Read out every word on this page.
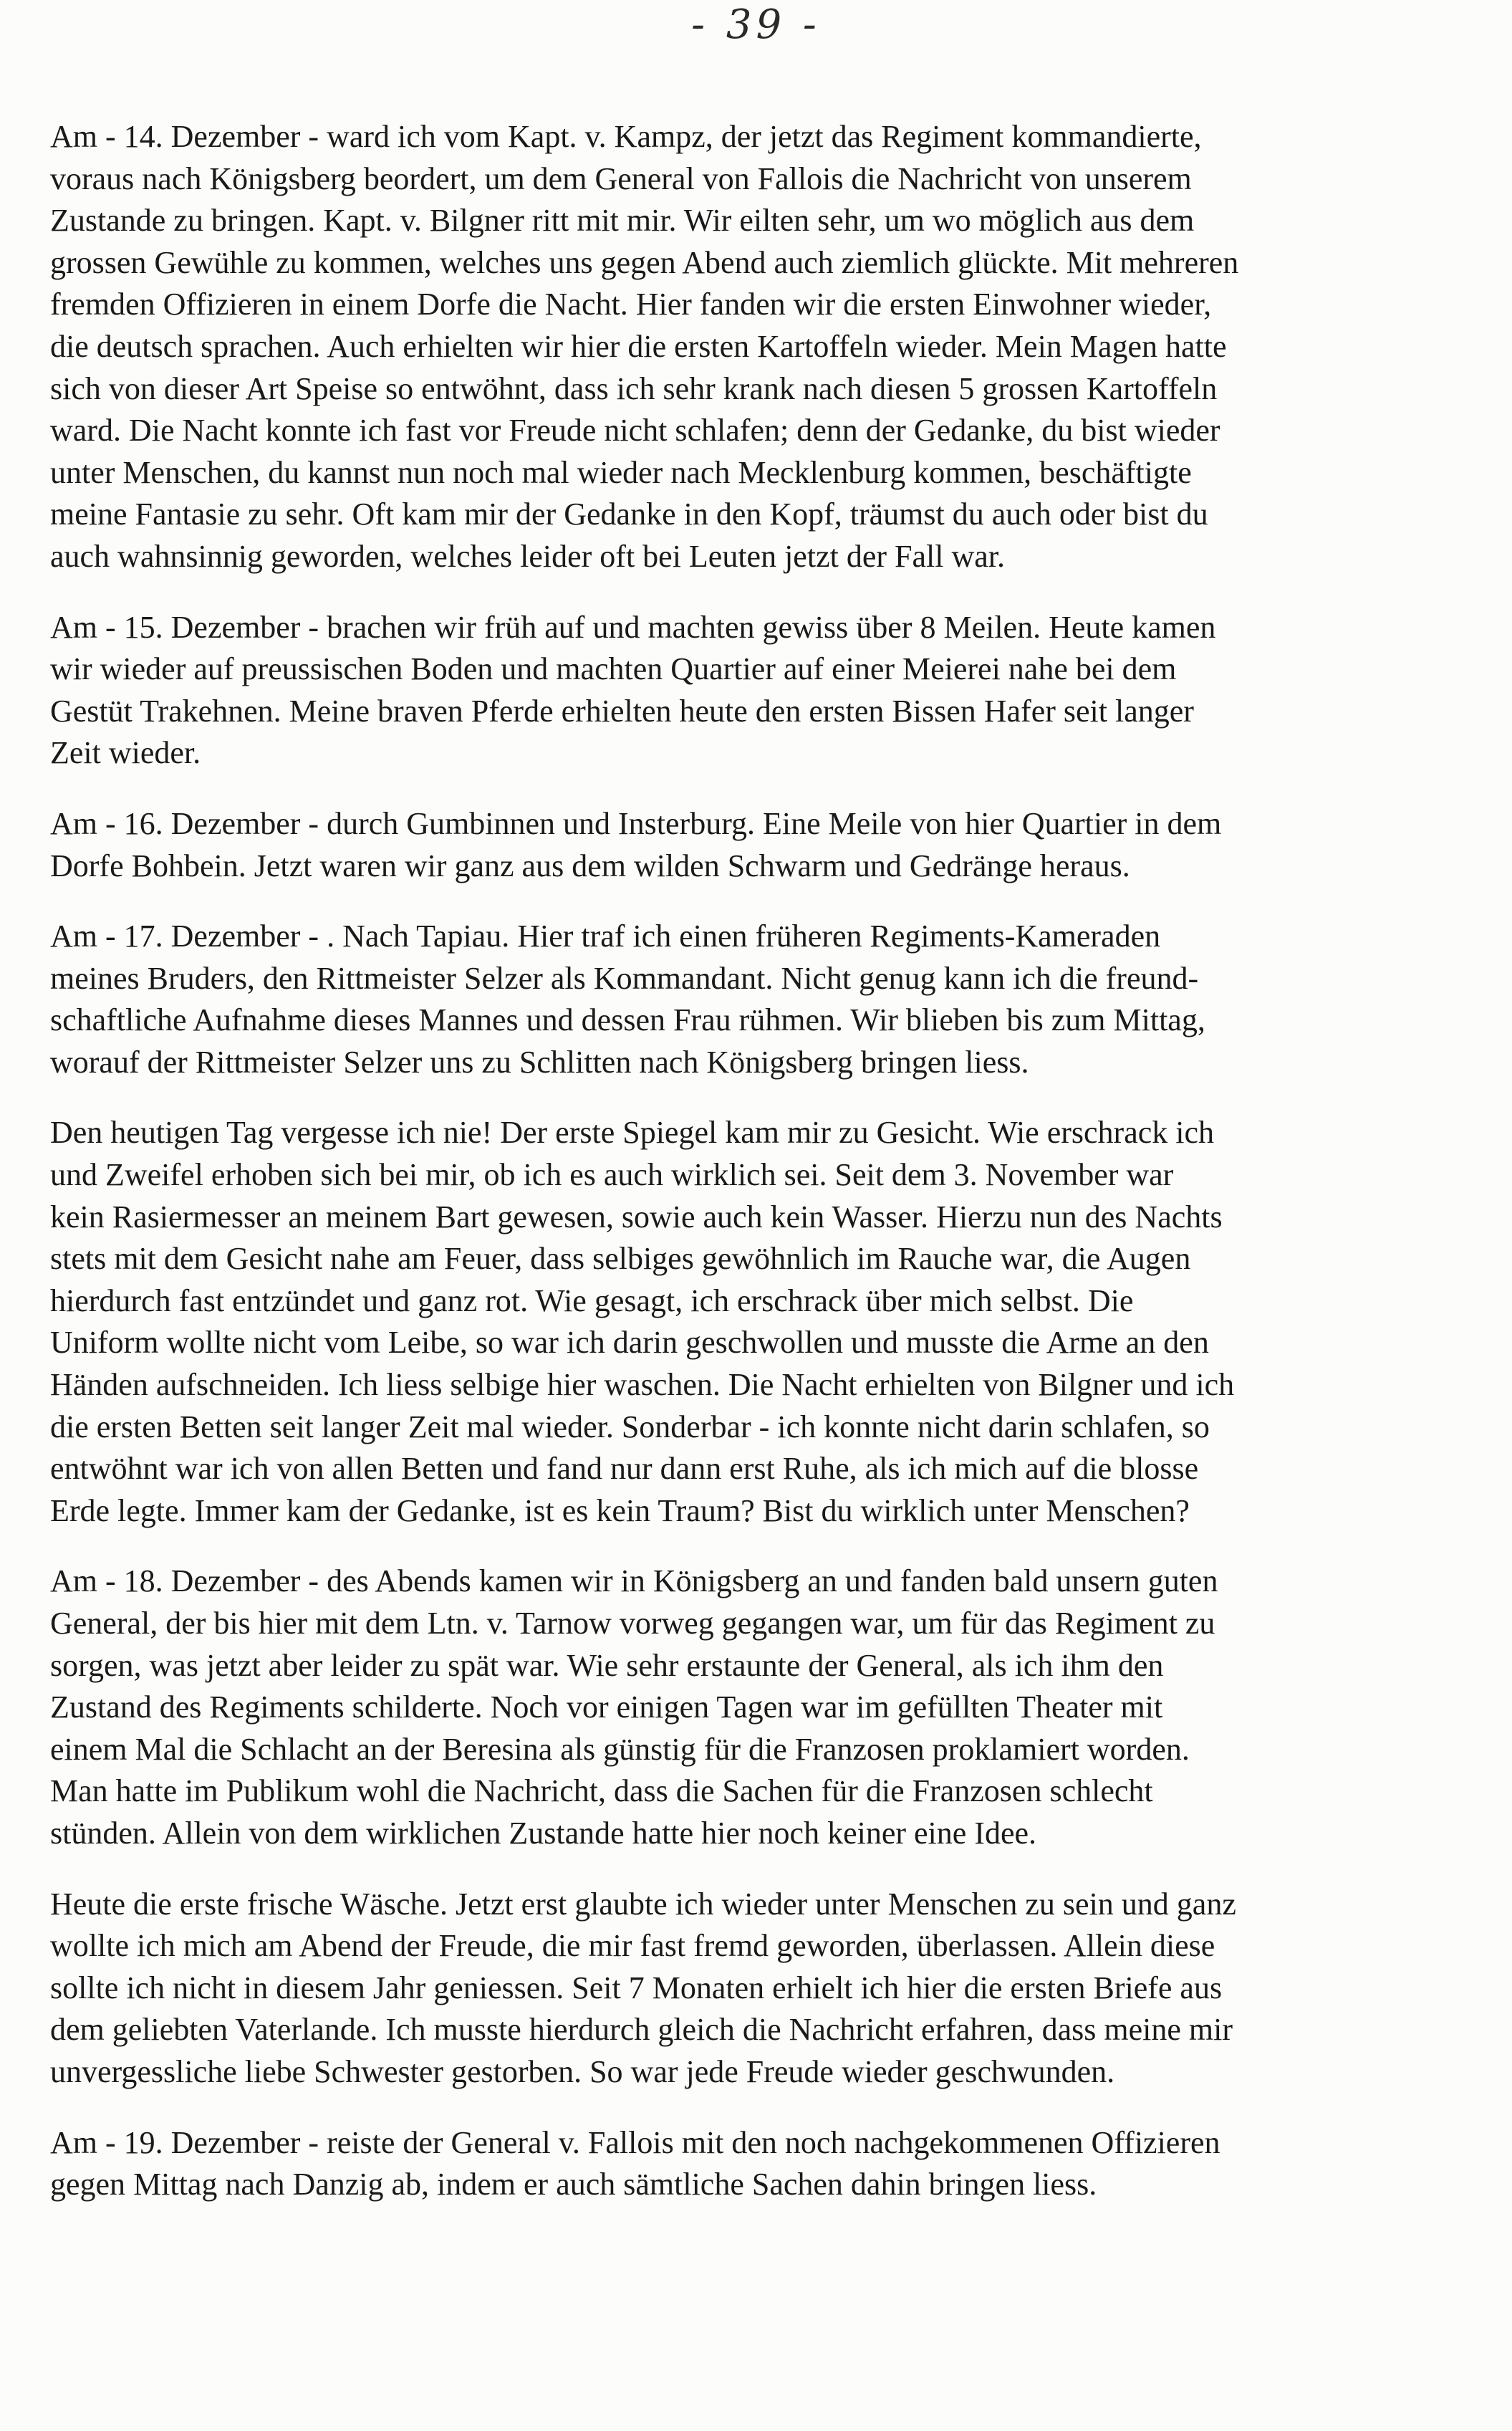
- 39 -

Am - 14. Dezember - ward ich vom Kapt. v. Kampz, der jetzt das Regiment kommandierte,
voraus nach Königsberg beordert, um dem General von Fallois die Nachricht von unserem
Zustande zu bringen. Kapt. v. Bilgner ritt mit mir. Wir eilten sehr, um wo möglich aus dem
grossen Gewühle zu kommen, welches uns gegen Abend auch ziemlich glückte. Mit mehreren
fremden Offizieren in einem Dorfe die Nacht. Hier fanden wir die ersten Einwohner wieder,
die deutsch sprachen. Auch erhielten wir hier die ersten Kartoffeln wieder. Mein Magen hatte
sich von dieser Art Speise so entwöhnt, dass ich sehr krank nach diesen 5 grossen Kartoffeln
ward. Die Nacht konnte ich fast vor Freude nicht schlafen; denn der Gedanke, du bist wieder
unter Menschen, du kannst nun noch mal wieder nach Mecklenburg kommen, beschäftigte
meine Fantasie zu sehr. Oft kam mir der Gedanke in den Kopf, träumst du auch oder bist du
auch wahnsinnig geworden, welches leider oft bei Leuten jetzt der Fall war.

Am - 15. Dezember - brachen wir früh auf und machten gewiss über 8 Meilen. Heute kamen
wir wieder auf preussischen Boden und machten Quartier auf einer Meierei nahe bei dem
Gestüt Trakehnen. Meine braven Pferde erhielten heute den ersten Bissen Hafer seit langer
Zeit wieder.

Am - 16. Dezember - durch Gumbinnen und Insterburg. Eine Meile von hier Quartier in dem
Dorfe Bohbein. Jetzt waren wir ganz aus dem wilden Schwarm und Gedränge heraus.

Am - 17. Dezember - . Nach Tapiau. Hier traf ich einen früheren Regiments-Kameraden
meines Bruders, den Rittmeister Selzer als Kommandant. Nicht genug kann ich die freund-
schaftliche Aufnahme dieses Mannes und dessen Frau rühmen. Wir blieben bis zum Mittag,
worauf der Rittmeister Selzer uns zu Schlitten nach Königsberg bringen liess.

Den heutigen Tag vergesse ich nie! Der erste Spiegel kam mir zu Gesicht. Wie erschrack ich
und Zweifel erhoben sich bei mir, ob ich es auch wirklich sei. Seit dem 3. November war
kein Rasiermesser an meinem Bart gewesen, sowie auch kein Wasser. Hierzu nun des Nachts
stets mit dem Gesicht nahe am Feuer, dass selbiges gewöhnlich im Rauche war, die Augen
hierdurch fast entzündet und ganz rot. Wie gesagt, ich erschrack über mich selbst. Die
Uniform wollte nicht vom Leibe, so war ich darin geschwollen und musste die Arme an den
Händen aufschneiden. Ich liess selbige hier waschen. Die Nacht erhielten von Bilgner und ich
die ersten Betten seit langer Zeit mal wieder. Sonderbar - ich konnte nicht darin schlafen, so
entwöhnt war ich von allen Betten und fand nur dann erst Ruhe, als ich mich auf die blosse
Erde legte. Immer kam der Gedanke, ist es kein Traum? Bist du wirklich unter Menschen?

Am - 18. Dezember - des Abends kamen wir in Königsberg an und fanden bald unsern guten
General, der bis hier mit dem Ltn. v. Tarnow vorweg gegangen war, um für das Regiment zu
sorgen, was jetzt aber leider zu spät war. Wie sehr erstaunte der General, als ich ihm den
Zustand des Regiments schilderte. Noch vor einigen Tagen war im gefüllten Theater mit
einem Mal die Schlacht an der Beresina als günstig für die Franzosen proklamiert worden.
Man hatte im Publikum wohl die Nachricht, dass die Sachen für die Franzosen schlecht
stünden. Allein von dem wirklichen Zustande hatte hier noch keiner eine Idee.

Heute die erste frische Wäsche. Jetzt erst glaubte ich wieder unter Menschen zu sein und ganz
wollte ich mich am Abend der Freude, die mir fast fremd geworden, überlassen. Allein diese
sollte ich nicht in diesem Jahr geniessen. Seit 7 Monaten erhielt ich hier die ersten Briefe aus
dem geliebten Vaterlande. Ich musste hierdurch gleich die Nachricht erfahren, dass meine mir
unvergessliche liebe Schwester gestorben. So war jede Freude wieder geschwunden.

Am - 19. Dezember - reiste der General v. Fallois mit den noch nachgekommenen Offizieren
gegen Mittag nach Danzig ab, indem er auch sämtliche Sachen dahin bringen liess.
